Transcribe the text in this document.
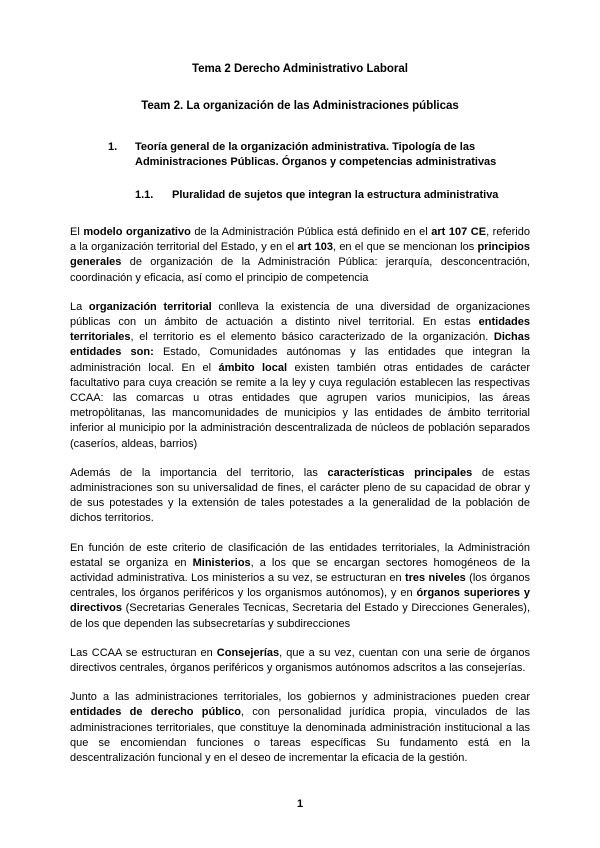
Tema 2 Derecho Administrativo Laboral
Team 2. La organización de las Administraciones públicas
1.	Teoría general de la organización administrativa. Tipología de las Administraciones Públicas. Órganos y competencias administrativas
1.1.	Pluralidad de sujetos que integran la estructura administrativa

El modelo organizativo de la Administración Pública está definido en el art 107 CE, referido a la organización territorial del Estado, y en el art 103, en el que se mencionan los principios generales de organización de la Administración Pública: jerarquía, desconcentración, coordinación y eficacia, así como el principio de competencia

La organización territorial conlleva la existencia de una diversidad de organizaciones públicas con un ámbito de actuación a distinto nivel territorial. En estas entidades territoriales, el territorio es el elemento básico caracterizado de la organización. Dichas entidades son: Estado, Comunidades autónomas y las entidades que integran la administración local. En el ámbito local existen también otras entidades de carácter facultativo para cuya creación se remite a la ley y cuya regulación establecen las respectivas CCAA: las comarcas u otras entidades que agrupen varios municipios, las áreas metropòlitanas, las mancomunidades de municipios y las entidades de ámbito territorial inferior al municipio por la administración descentralizada de núcleos de población separados (caseríos, aldeas, barrios)

Además de la importancia del territorio, las características principales de estas administraciones son su universalidad de fines, el carácter pleno de su capacidad de obrar y de sus potestades y la extensión de tales potestades a la generalidad de la población de dichos territorios.

En función de este criterio de clasificación de las entidades territoriales, la Administración estatal se organiza en Ministerios, a los que se encargan sectores homogéneos de la actividad administrativa. Los ministerios a su vez, se estructuran en tres niveles (los órganos centrales, los órganos periféricos y los organismos autónomos), y en órganos superiores y directivos (Secretarias Generales Tecnicas, Secretaria del Estado y Direcciones Generales), de los que dependen las subsecretarías y subdirecciones

Las CCAA se estructuran en Consejerías, que a su vez, cuentan con una serie de órganos directivos centrales, órganos periféricos y organismos autónomos adscritos a las consejerías.

Junto a las administraciones territoriales, los gobiernos y administraciones pueden crear entidades de derecho público, con personalidad jurídica propia, vinculados de las administraciones territoriales, que constituye la denominada administración institucional a las que se encomiendan funciones o tareas específicas Su fundamento está en la descentralización funcional y en el deseo de incrementar la eficacia de la gestión.

1
